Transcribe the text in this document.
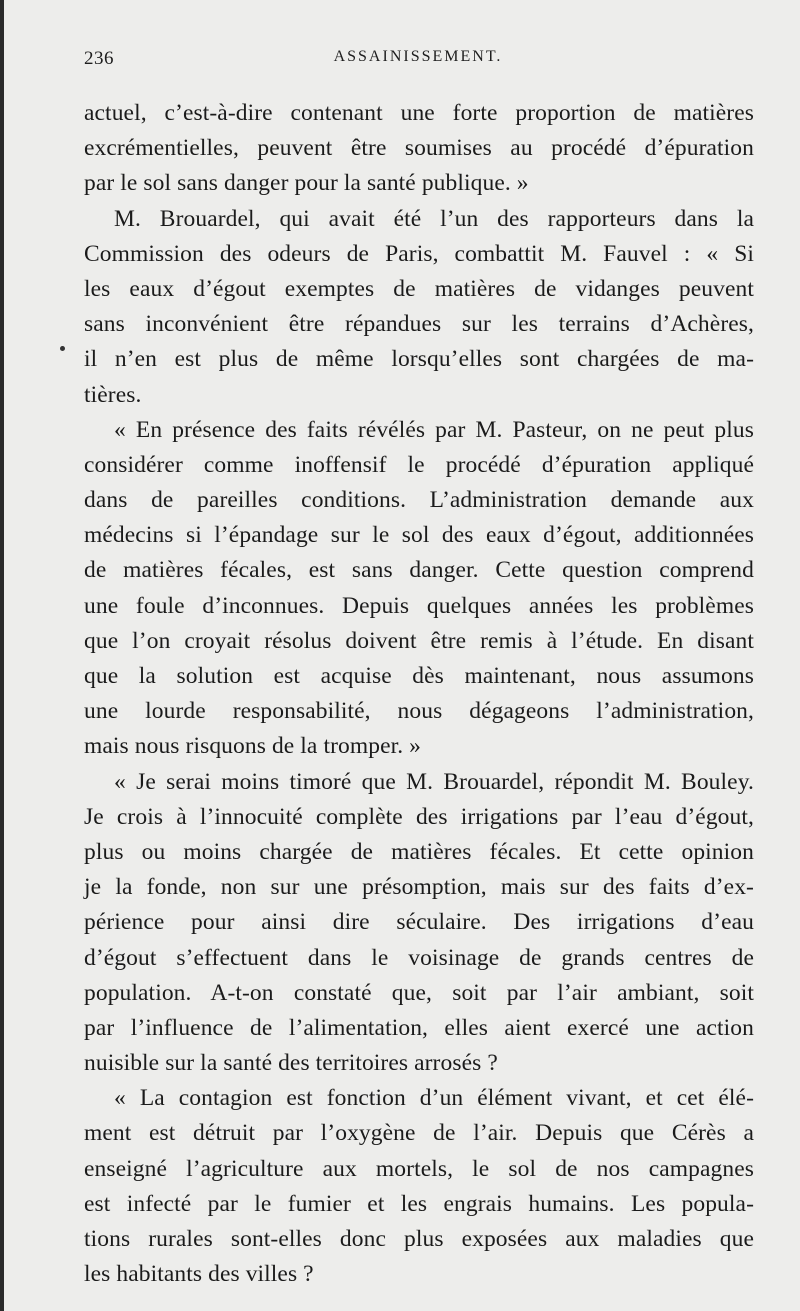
236	ASSAINISSEMENT.
actuel, c’est-à-dire contenant une forte proportion de matières
excrémentielles, peuvent être soumises au procédé d’épuration
par le sol sans danger pour la santé publique. »
M. Brouardel, qui avait été l’un des rapporteurs dans la
Commission des odeurs de Paris, combattit M. Fauvel : « Si
les eaux d’égout exemptes de matières de vidanges peuvent
sans inconvénient être répandues sur les terrains d’Achères,
il n’en est plus de même lorsqu’elles sont chargées de ma-
tières.
« En présence des faits révélés par M. Pasteur, on ne peut plus
considérer comme inoffensif le procédé d’épuration appliqué
dans de pareilles conditions. L’administration demande aux
médecins si l’épandage sur le sol des eaux d’égout, additionnées
de matières fécales, est sans danger. Cette question comprend
une foule d’inconnues. Depuis quelques années les problèmes
que l’on croyait résolus doivent être remis à l’étude. En disant
que la solution est acquise dès maintenant, nous assumons
une lourde responsabilité, nous dégageons l’administration,
mais nous risquons de la tromper. »
« Je serai moins timoré que M. Brouardel, répondit M. Bouley.
Je crois à l’innocuité complète des irrigations par l’eau d’égout,
plus ou moins chargée de matières fécales. Et cette opinion
je la fonde, non sur une présomption, mais sur des faits d’ex-
périence pour ainsi dire séculaire. Des irrigations d’eau
d’égout s’effectuent dans le voisinage de grands centres de
population. A-t-on constaté que, soit par l’air ambiant, soit
par l’influence de l’alimentation, elles aient exercé une action
nuisible sur la santé des territoires arrosés ?
« La contagion est fonction d’un élément vivant, et cet élé-
ment est détruit par l’oxygène de l’air. Depuis que Cérès a
enseigné l’agriculture aux mortels, le sol de nos campagnes
est infecté par le fumier et les engrais humains. Les popula-
tions rurales sont-elles donc plus exposées aux maladies que
les habitants des villes ?
